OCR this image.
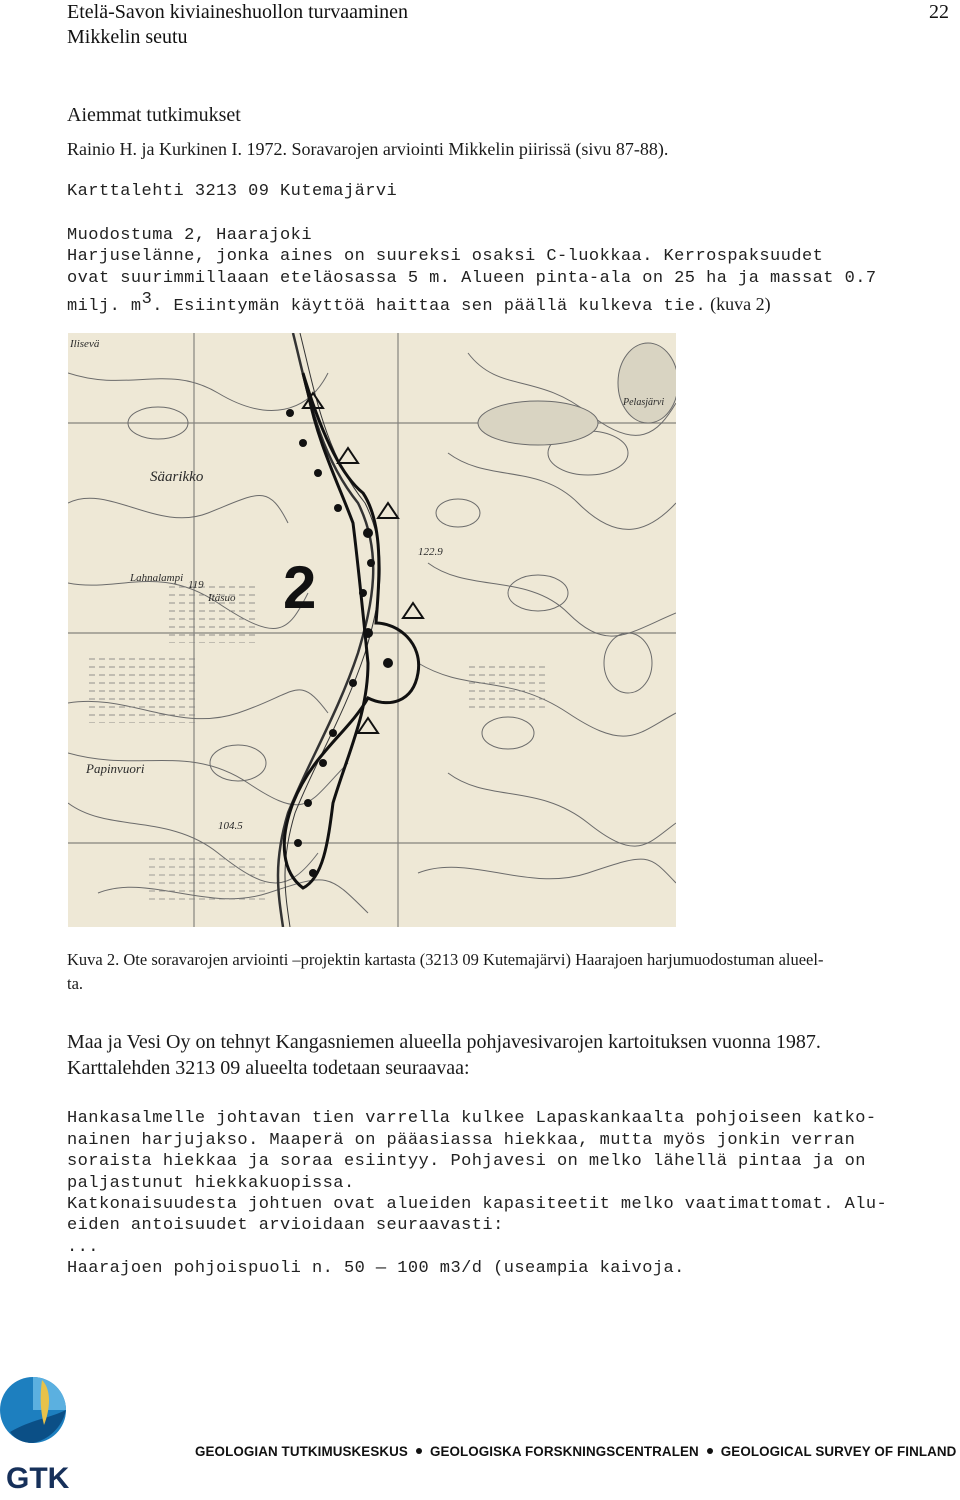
Etelä-Savon kiviaineshuollon turvaaminen
Mikkelin seutu
22
Aiemmat tutkimukset
Rainio H. ja Kurkinen I. 1972. Soravarojen arviointi Mikkelin piirissä (sivu 87-88).
Karttalehti 3213 09 Kutemajärvi
Muodostuma 2, Haarajoki
Harjuselänne, jonka aines on suureksi osaksi C-luokkaa. Kerrospaksuudet
ovat suurimmillaaan eteläosassa 5 m. Alueen pinta-ala on 25 ha ja massat 0.7
milj. $m^3$. Esiintymän käyttöä haittaa sen päällä kulkeva tie. (kuva 2)
2
Säarikko
Lahnalampi
Itäsuo
Papinvuori
Ilisevä
Pelasjärvi
122.9
119
104.5
Kuva 2. Ote soravarojen arviointi –projektin kartasta (3213 09 Kutemajärvi) Haarajoen harjumuodostuman alueel-
ta.
Maa ja Vesi Oy on tehnyt Kangasniemen alueella pohjavesivarojen kartoituksen vuonna 1987.
Karttalehden 3213 09 alueelta todetaan seuraavaa:
Hankasalmelle johtavan tien varrella kulkee Lapaskankaalta pohjoiseen katko-
nainen harjujakso. Maaperä on pääasiassa hiekkaa, mutta myös jonkin verran
soraista hiekkaa ja soraa esiintyy. Pohjavesi on melko lähellä pintaa ja on
paljastunut hiekkakuopissa.
Katkonaisuudesta johtuen ovat alueiden kapasiteetit melko vaatimattomat. Alu-
eiden antoisuudet arvioidaan seuraavasti:
...
Haarajoen pohjoispuoli n. 50 — 100 m3/d (useampia kaivoja.
GTK
GEOLOGIAN TUTKIMUSKESKUS GEOLOGISKA FORSKNINGSCENTRALEN GEOLOGICAL SURVEY OF FINLAND
